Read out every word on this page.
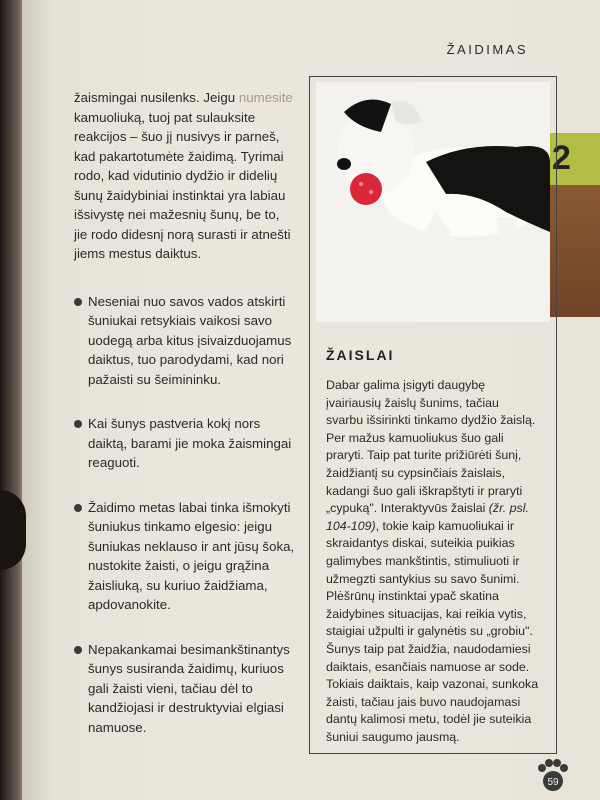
ŽAIDIMAS
2

žaismingai nusilenks. Jeigu numesite
kamuoliuką, tuoj pat sulauksite
reakcijos – šuo jį nusivys ir parneš,
kad pakartotumėte žaidimą. Tyrimai
rodo, kad vidutinio dydžio ir didelių
šunų žaidybiniai instinktai yra labiau
išsivystę nei mažesnių šunų, be to,
jie rodo didesnį norą surasti ir atnešti
jiems mestus daiktus.

Neseniai nuo savos vados atskirti
šuniukai retsykiais vaikosi savo
uodegą arba kitus įsivaizduojamus
daiktus, tuo parodydami, kad nori
pažaisti su šeimininku.
Kai šunys pastveria kokį nors
daiktą, barami jie moka žaismingai
reaguoti.
Žaidimo metas labai tinka išmokyti
šuniukus tinkamo elgesio: jeigu
šuniukas neklauso ir ant jūsų šoka,
nustokite žaisti, o jeigu grąžina
žaisliuką, su kuriuo žaidžiama,
apdovanokite.
Nepakankamai besimankštinantys
šunys susiranda žaidimų, kuriuos
gali žaisti vieni, tačiau dėl to
kandžiojasi ir destruktyviai elgiasi
namuose.
ŽAISLAI
Dabar galima įsigyti daugybę
įvairiausių žaislų šunims, tačiau
svarbu išsirinkti tinkamo dydžio žaislą.
Per mažus kamuoliukus šuo gali
praryti. Taip pat turite prižiūrėti šunį,
žaidžiantį su cypsinčiais žaislais,
kadangi šuo gali iškrapštyti ir praryti
„cypuką". Interaktyvūs žaislai (žr. psl.
104-109), tokie kaip kamuoliukai ir
skraidantys diskai, suteikia puikias
galimybes mankštintis, stimuliuoti ir
užmegzti santykius su savo šunimi.
Plėšrūnų instinktai ypač skatina
žaidybines situacijas, kai reikia vytis,
staigiai užpulti ir galynėtis su „grobiu".
Šunys taip pat žaidžia, naudodamiesi
daiktais, esančiais namuose ar sode.
Tokiais daiktais, kaip vazonai, sunkoka
žaisti, tačiau jais buvo naudojamasi
dantų kalimosi metu, todėl jie suteikia
šuniui saugumo jausmą.
59
